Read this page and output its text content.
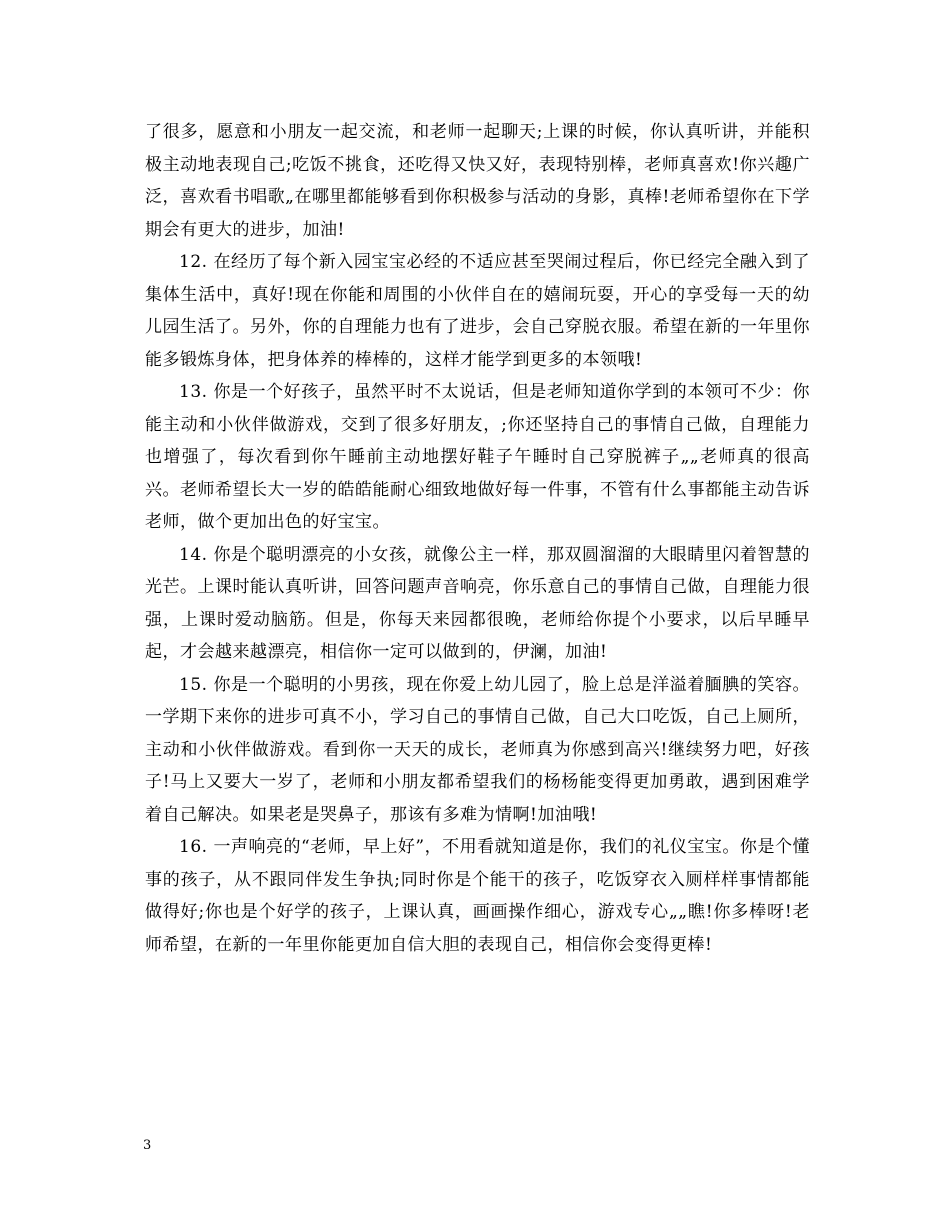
了很多，愿意和小朋友一起交流，和老师一起聊天;上课的时候，你认真听讲，并能积极主动地表现自己;吃饭不挑食，还吃得又快又好，表现特别棒，老师真喜欢!你兴趣广泛，喜欢看书唱歌„在哪里都能够看到你积极参与活动的身影，真棒!老师希望你在下学期会有更大的进步，加油!

12. 在经历了每个新入园宝宝必经的不适应甚至哭闹过程后，你已经完全融入到了集体生活中，真好!现在你能和周围的小伙伴自在的嬉闹玩耍，开心的享受每一天的幼儿园生活了。另外，你的自理能力也有了进步，会自己穿脱衣服。希望在新的一年里你能多锻炼身体，把身体养的棒棒的，这样才能学到更多的本领哦!

13. 你是一个好孩子，虽然平时不太说话，但是老师知道你学到的本领可不少：你能主动和小伙伴做游戏，交到了很多好朋友，;你还坚持自己的事情自己做，自理能力也增强了，每次看到你午睡前主动地摆好鞋子午睡时自己穿脱裤子„„老师真的很高兴。老师希望长大一岁的皓皓能耐心细致地做好每一件事，不管有什么事都能主动告诉老师，做个更加出色的好宝宝。

14. 你是个聪明漂亮的小女孩，就像公主一样，那双圆溜溜的大眼睛里闪着智慧的光芒。上课时能认真听讲，回答问题声音响亮，你乐意自己的事情自己做，自理能力很强，上课时爱动脑筋。但是，你每天来园都很晚，老师给你提个小要求，以后早睡早起，才会越来越漂亮，相信你一定可以做到的，伊澜，加油!

15. 你是一个聪明的小男孩，现在你爱上幼儿园了，脸上总是洋溢着腼腆的笑容。一学期下来你的进步可真不小，学习自己的事情自己做，自己大口吃饭，自己上厕所，主动和小伙伴做游戏。看到你一天天的成长，老师真为你感到高兴!继续努力吧，好孩子!马上又要大一岁了，老师和小朋友都希望我们的杨杨能变得更加勇敢，遇到困难学着自己解决。如果老是哭鼻子，那该有多难为情啊!加油哦!

16. 一声响亮的“老师，早上好”，不用看就知道是你，我们的礼仪宝宝。你是个懂事的孩子，从不跟同伴发生争执;同时你是个能干的孩子，吃饭穿衣入厕样样事情都能做得好;你也是个好学的孩子，上课认真，画画操作细心，游戏专心„„瞧!你多棒呀!老师希望，在新的一年里你能更加自信大胆的表现自己，相信你会变得更棒!

3
